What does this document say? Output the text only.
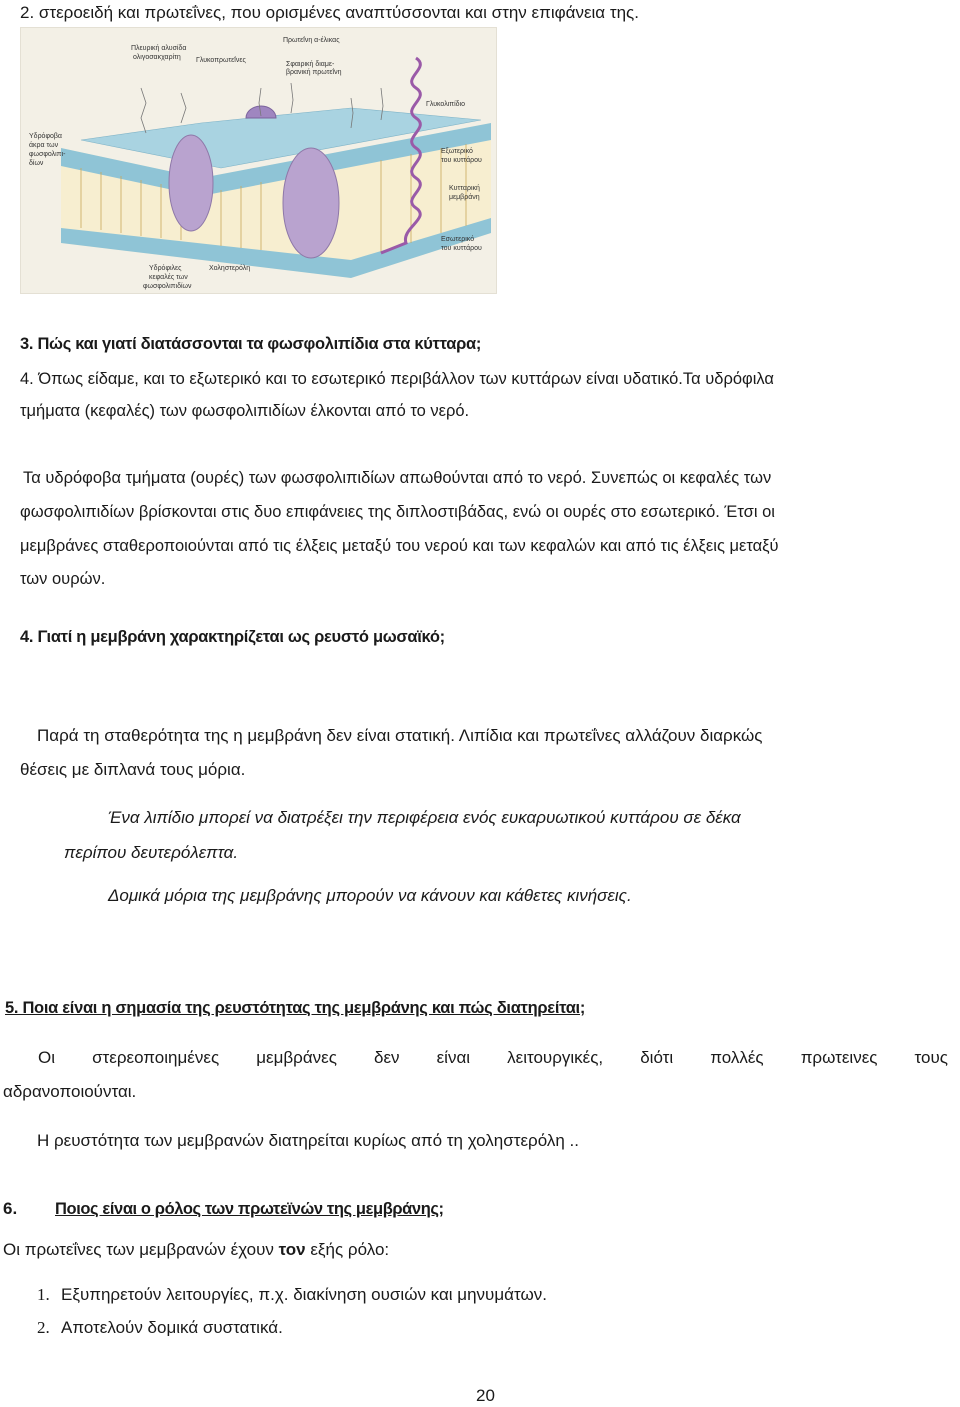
2. στεροειδή και πρωτεΐνες, που ορισμένες αναπτύσσονται και στην επιφάνεια της.
Πλευρική αλυσίδα
ολιγοσακχαρίτη Γλυκοπρωτεΐνες
Πρωτεΐνη α-έλικας
Σφαιρική διαμε-
βρανική πρωτεΐνη
Γλυκολιπίδιο
Υδρόφοβα
άκρα των
φωσφολιπι-
δίων
Εξωτερικό
του κυττάρου
Κυτταρική
μεμβράνη
Εσωτερικό
του κυττάρου
Υδρόφιλες
κεφαλές των
φωσφολιπιδίων
Χοληστερόλη
3. Πώς και γιατί διατάσσονται τα φωσφολιπίδια στα κύτταρα;
4. Όπως είδαμε, και το εξωτερικό και το εσωτερικό περιβάλλον των κυττάρων είναι υδατικό.Τα υδρόφιλα
τμήματα (κεφαλές) των φωσφολιπιδίων έλκονται από το νερό.
Τα υδρόφοβα τμήματα (ουρές) των φωσφολιπιδίων απωθούνται από το νερό. Συνεπώς οι κεφαλές των
φωσφολιπιδίων βρίσκονται στις δυο επιφάνειες της διπλοστιβάδας, ενώ οι ουρές στο εσωτερικό. Έτσι οι
μεμβράνες σταθεροποιούνται από τις έλξεις μεταξύ του νερού και των κεφαλών και από τις έλξεις μεταξύ
των ουρών.
4. Γιατί η μεμβράνη χαρακτηρίζεται ως ρευστό μωσαϊκό;
Παρά τη σταθερότητα της η μεμβράνη δεν είναι στατική. Λιπίδια και πρωτεΐνες αλλάζουν διαρκώς
θέσεις με διπλανά τους μόρια.
Ένα λιπίδιο μπορεί να διατρέξει την περιφέρεια ενός ευκαρυωτικού κυττάρου σε δέκα
περίπου δευτερόλεπτα.
Δομικά μόρια της μεμβράνης μπορούν να κάνουν και κάθετες κινήσεις.
5. Ποια είναι η σημασία της ρευστότητας της μεμβράνης και πώς διατηρείται;
Οι στερεοποιημένες μεμβράνες δεν είναι λειτουργικές, διότι πολλές πρωτεινες τους
αδρανοποιούνται.
Η ρευστότητα των μεμβρανών διατηρείται κυρίως από τη χοληστερόλη ..
6. Ποιος είναι ο ρόλος των πρωτεϊνών της μεμβράνης;
Οι πρωτεΐνες των μεμβρανών έχουν τον εξής ρόλο:
1. Εξυπηρετούν λειτουργίες, π.χ. διακίνηση ουσιών και μηνυμάτων.
2. Αποτελούν δομικά συστατικά.
20
